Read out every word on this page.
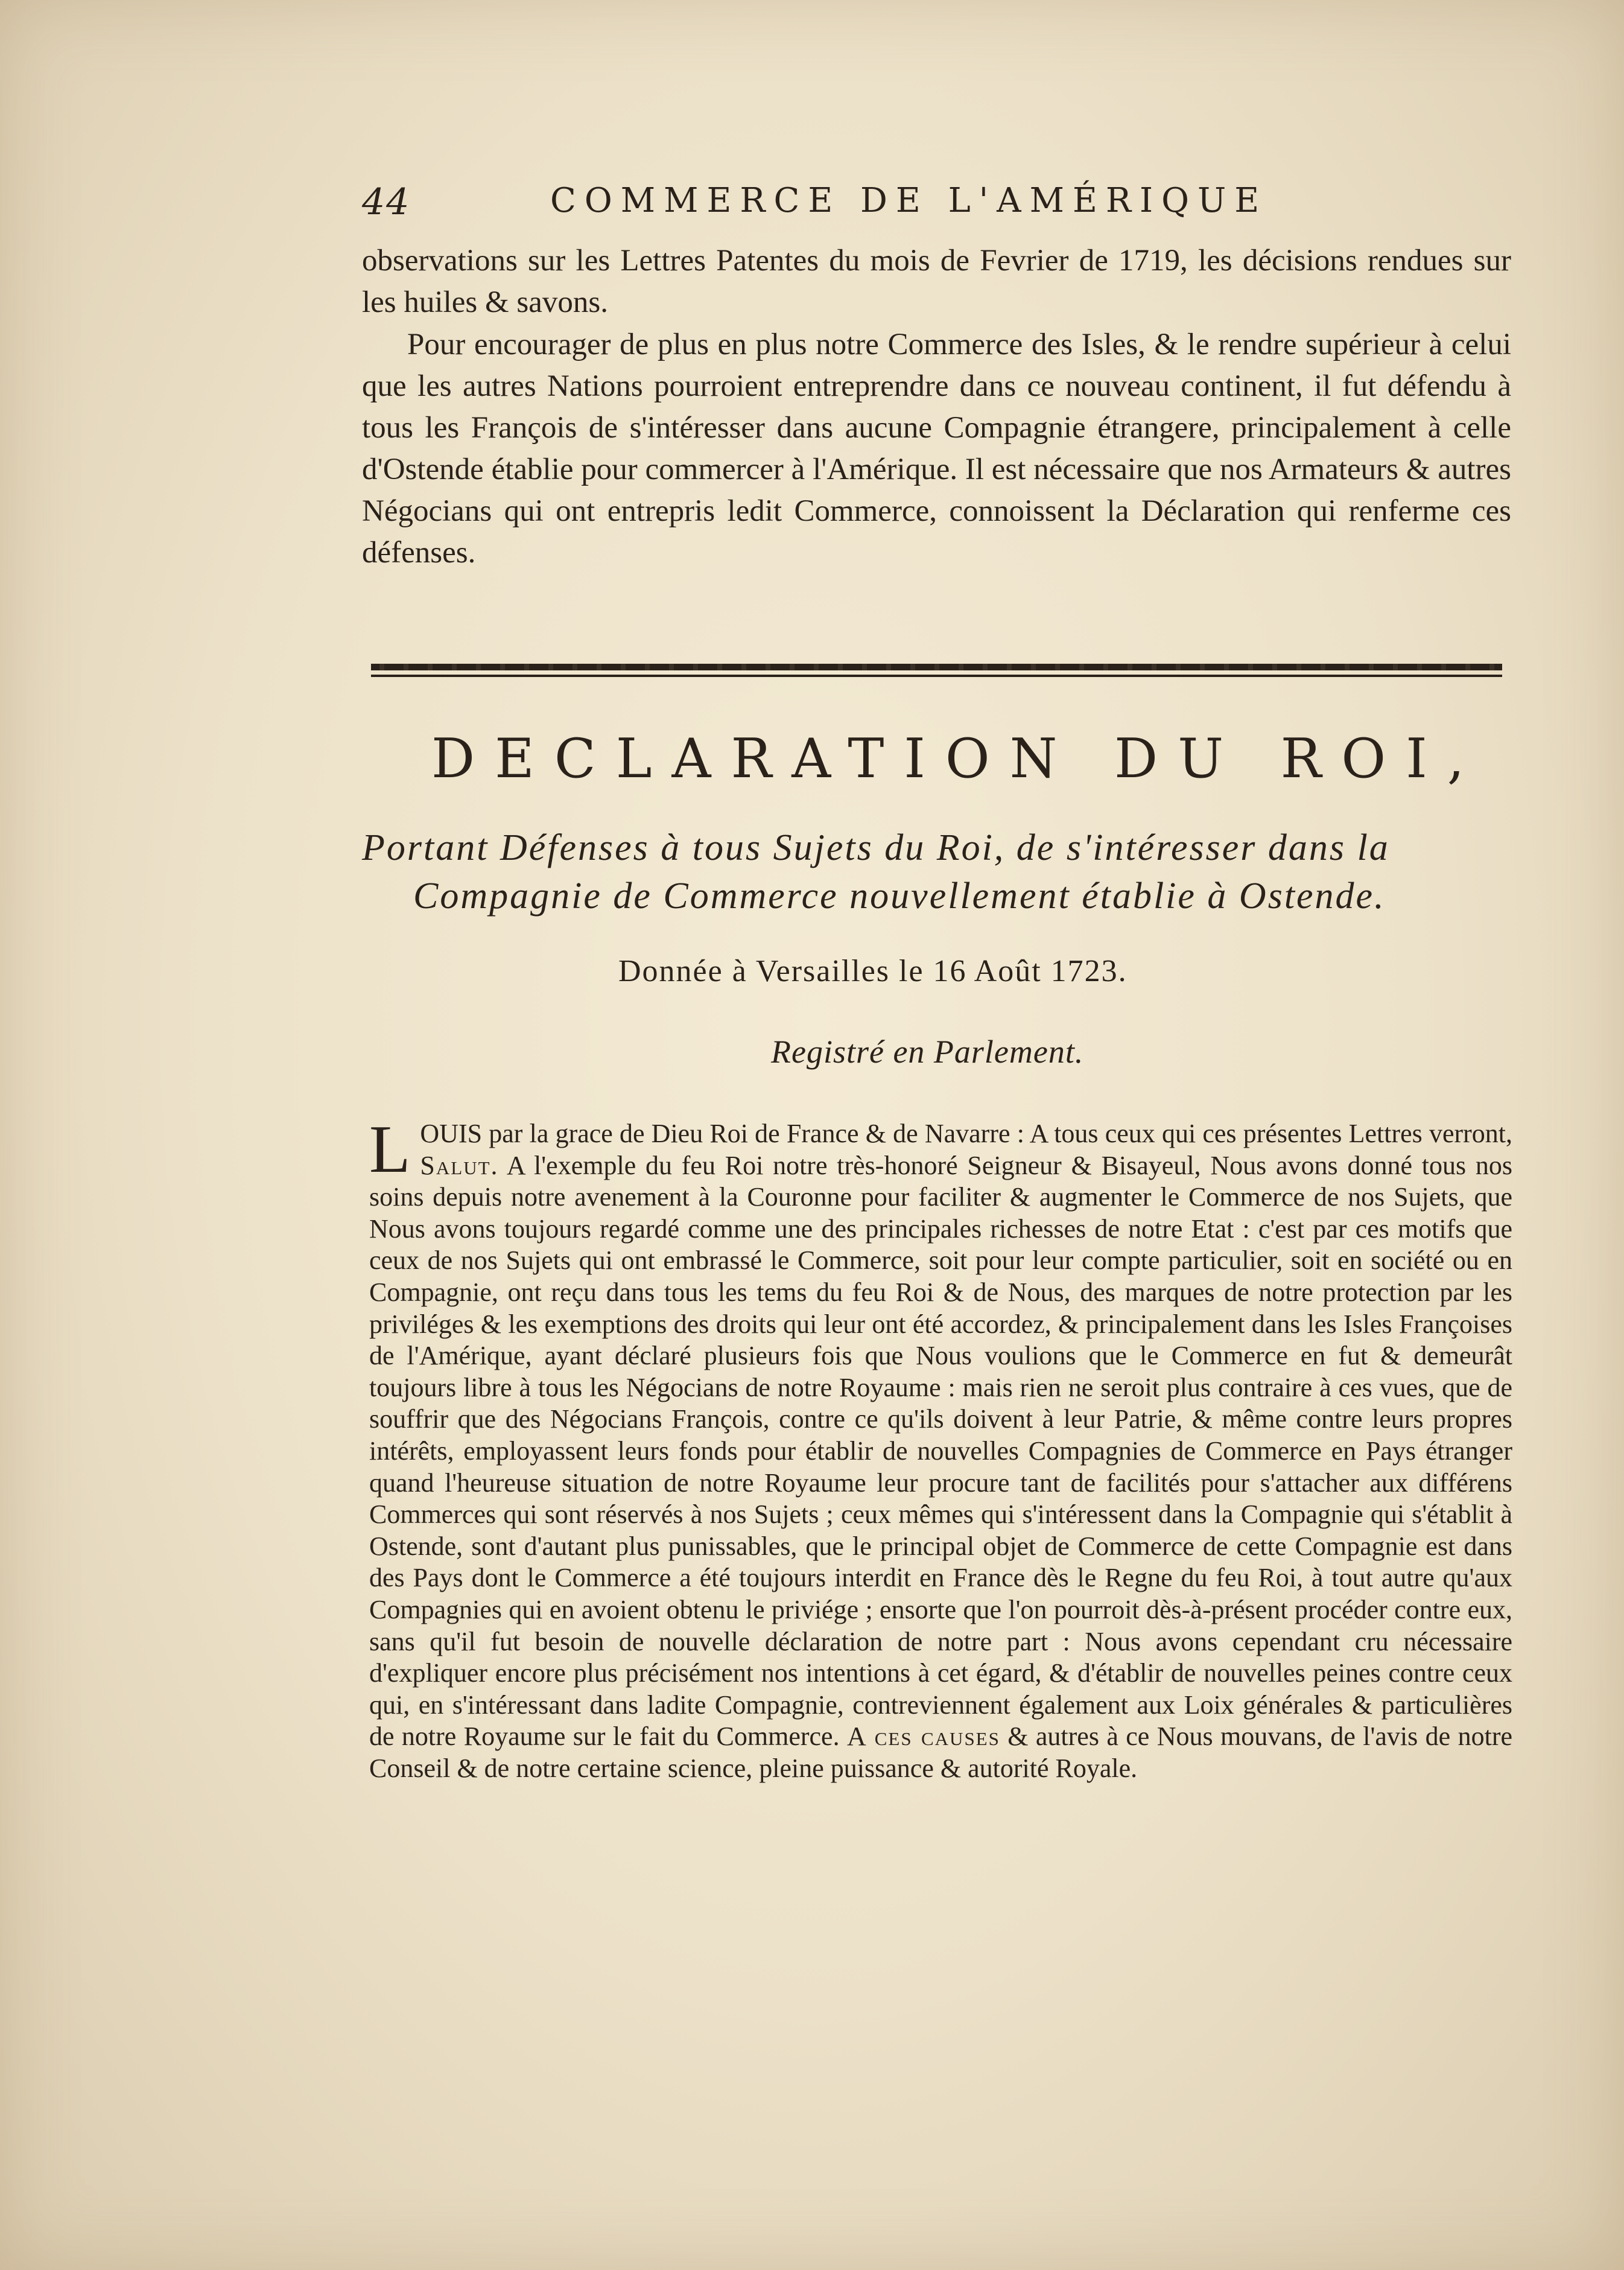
44	COMMERCE DE L'AMÉRIQUE
observations sur les Lettres Patentes du mois de Fevrier de 1719, les décisions rendues sur les huiles & savons.
Pour encourager de plus en plus notre Commerce des Isles, & le rendre supérieur à celui que les autres Nations pourroient entreprendre dans ce nouveau continent, il fut défendu à tous les François de s'intéresser dans aucune Compagnie étrangere, principalement à celle d'Ostende établie pour commercer à l'Amérique. Il est nécessaire que nos Armateurs & autres Négocians qui ont entrepris ledit Commerce, connoissent la Déclaration qui renferme ces défenses.
DECLARATION DU ROI,
Portant Défenses à tous Sujets du Roi, de s'intéresser dans la
Compagnie de Commerce nouvellement établie à Ostende.
Donnée à Versailles le 16 Août 1723.
Registré en Parlement.
L OUIS par la grace de Dieu Roi de France & de Navarre : A tous ceux qui ces présentes Lettres verront, Salut. A l'exemple du feu Roi notre très-honoré Seigneur & Bisayeul, Nous avons donné tous nos soins depuis notre avenement à la Couronne pour faciliter & augmenter le Commerce de nos Sujets, que Nous avons toujours regardé comme une des principales richesses de notre Etat : c'est par ces motifs que ceux de nos Sujets qui ont embrassé le Commerce, soit pour leur compte particulier, soit en société ou en Compagnie, ont reçu dans tous les tems du feu Roi & de Nous, des marques de notre protection par les priviléges & les exemptions des droits qui leur ont été accordez, & principalement dans les Isles Françoises de l'Amérique, ayant déclaré plusieurs fois que Nous voulions que le Commerce en fut & demeurât toujours libre à tous les Négocians de notre Royaume : mais rien ne seroit plus contraire à ces vues, que de souffrir que des Négocians François, contre ce qu'ils doivent à leur Patrie, & même contre leurs propres intérêts, employassent leurs fonds pour établir de nouvelles Compagnies de Commerce en Pays étranger quand l'heureuse situation de notre Royaume leur procure tant de facilités pour s'attacher aux différens Commerces qui sont réservés à nos Sujets ; ceux mêmes qui s'intéressent dans la Compagnie qui s'établit à Ostende, sont d'autant plus punissables, que le principal objet de Commerce de cette Compagnie est dans des Pays dont le Commerce a été toujours interdit en France dès le Regne du feu Roi, à tout autre qu'aux Compagnies qui en avoient obtenu le priviége ; ensorte que l'on pourroit dès-à-présent procéder contre eux, sans qu'il fut besoin de nouvelle déclaration de notre part : Nous avons cependant cru nécessaire d'expliquer encore plus précisément nos intentions à cet égard, & d'établir de nouvelles peines contre ceux qui, en s'intéressant dans ladite Compagnie, contreviennent également aux Loix générales & particulières de notre Royaume sur le fait du Commerce. A ces causes & autres à ce Nous mouvans, de l'avis de notre Conseil & de notre certaine science, pleine puissance & autorité Royale.
